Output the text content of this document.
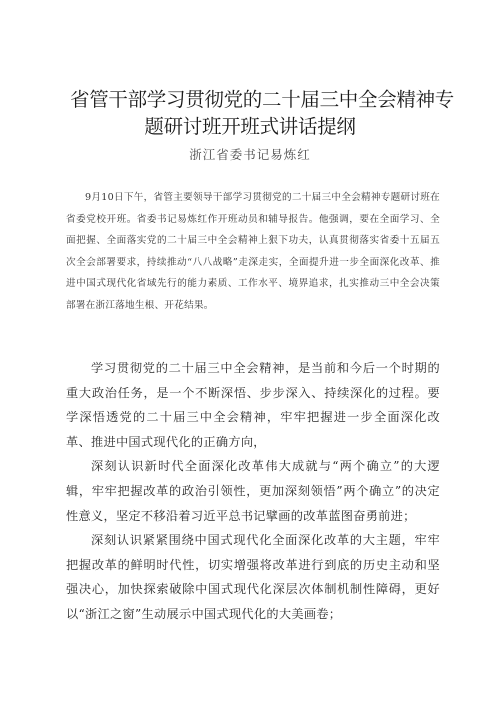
省管干部学习贯彻党的二十届三中全会精神专
题研讨班开班式讲话提纲
浙江省委书记易炼红
9月10日下午，省管主要领导干部学习贯彻党的二十届三中全会精神专题研讨班在省委党校开班。省委书记易炼红作开班动员和辅导报告。他强调，要在全面学习、全面把握、全面落实党的二十届三中全会精神上狠下功夫，认真贯彻落实省委十五届五次全会部署要求，持续推动“八八战略”走深走实，全面提升进一步全面深化改革、推进中国式现代化省域先行的能力素质、工作水平、境界追求，扎实推动三中全会决策部署在浙江落地生根、开花结果。

学习贯彻党的二十届三中全会精神，是当前和今后一个时期的重大政治任务，是一个不断深悟、步步深入、持续深化的过程。要学深悟透党的二十届三中全会精神，牢牢把握进一步全面深化改革、推进中国式现代化的正确方向，

深刻认识新时代全面深化改革伟大成就与“两个确立”的大逻辑，牢牢把握改革的政治引领性，更加深刻领悟”两个确立”的决定性意义，坚定不移沿着习近平总书记擘画的改革蓝图奋勇前进；

深刻认识紧紧围绕中国式现代化全面深化改革的大主题，牢牢把握改革的鲜明时代性，切实增强将改革进行到底的历史主动和坚强决心，加快探索破除中国式现代化深层次体制机制性障碍，更好以“浙江之窗”生动展示中国式现代化的大美画卷；
